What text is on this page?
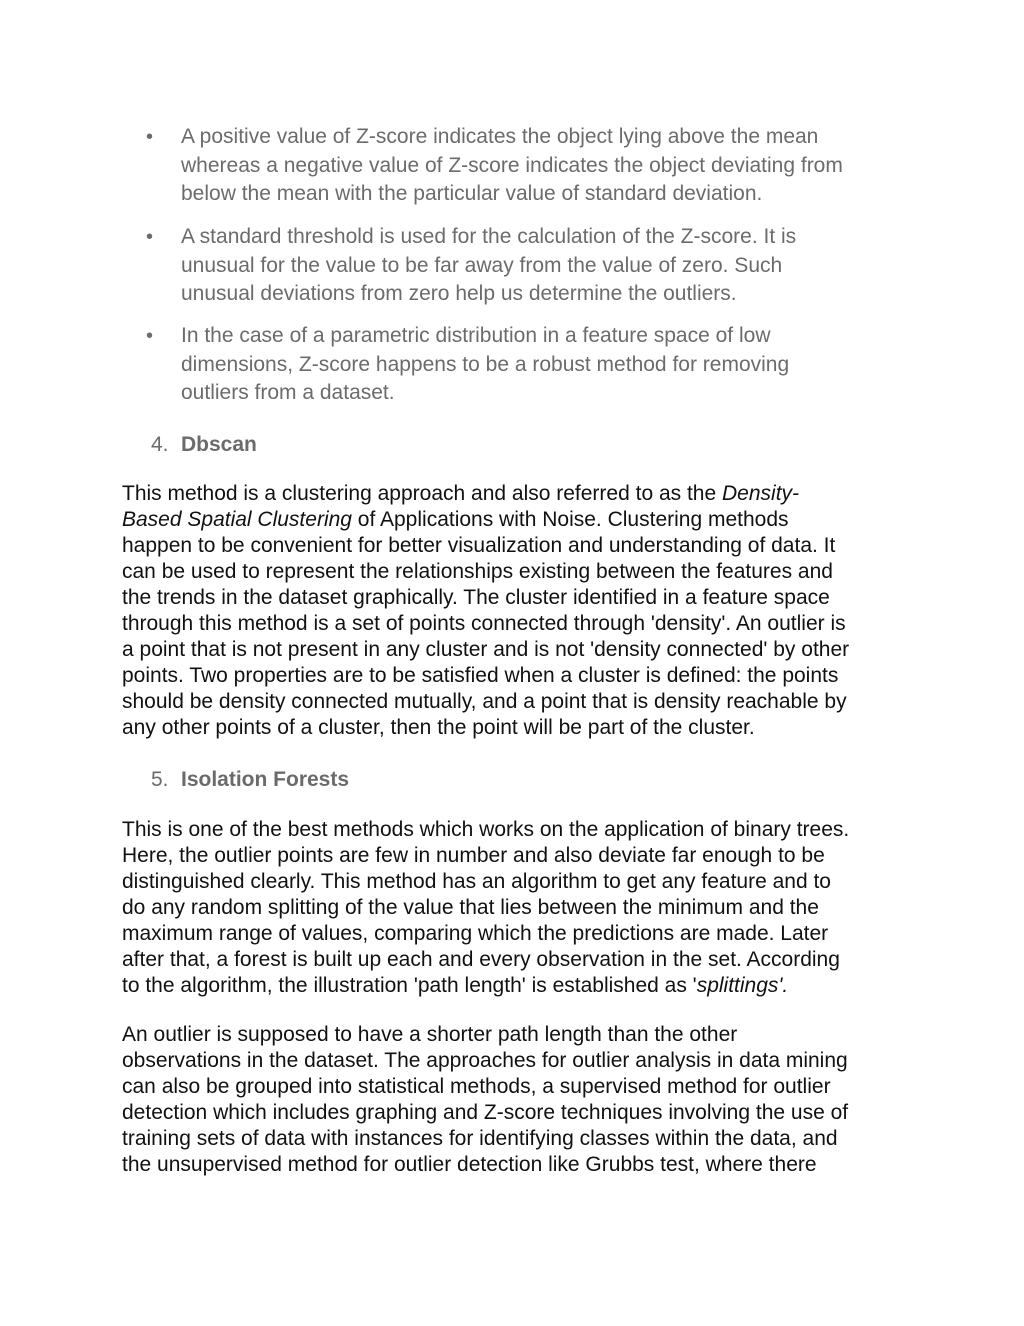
• A positive value of Z-score indicates the object lying above the mean
whereas a negative value of Z-score indicates the object deviating from
below the mean with the particular value of standard deviation.
• A standard threshold is used for the calculation of the Z-score. It is
unusual for the value to be far away from the value of zero. Such
unusual deviations from zero help us determine the outliers.
• In the case of a parametric distribution in a feature space of low
dimensions, Z-score happens to be a robust method for removing
outliers from a dataset.
4. Dbscan
This method is a clustering approach and also referred to as the Density-
Based Spatial Clustering of Applications with Noise. Clustering methods
happen to be convenient for better visualization and understanding of data. It
can be used to represent the relationships existing between the features and
the trends in the dataset graphically. The cluster identified in a feature space
through this method is a set of points connected through 'density'. An outlier is
a point that is not present in any cluster and is not 'density connected' by other
points. Two properties are to be satisfied when a cluster is defined: the points
should be density connected mutually, and a point that is density reachable by
any other points of a cluster, then the point will be part of the cluster.
5. Isolation Forests
This is one of the best methods which works on the application of binary trees.
Here, the outlier points are few in number and also deviate far enough to be
distinguished clearly. This method has an algorithm to get any feature and to
do any random splitting of the value that lies between the minimum and the
maximum range of values, comparing which the predictions are made. Later
after that, a forest is built up each and every observation in the set. According
to the algorithm, the illustration 'path length' is established as 'splittings'.
An outlier is supposed to have a shorter path length than the other
observations in the dataset. The approaches for outlier analysis in data mining
can also be grouped into statistical methods, a supervised method for outlier
detection which includes graphing and Z-score techniques involving the use of
training sets of data with instances for identifying classes within the data, and
the unsupervised method for outlier detection like Grubbs test, where there
